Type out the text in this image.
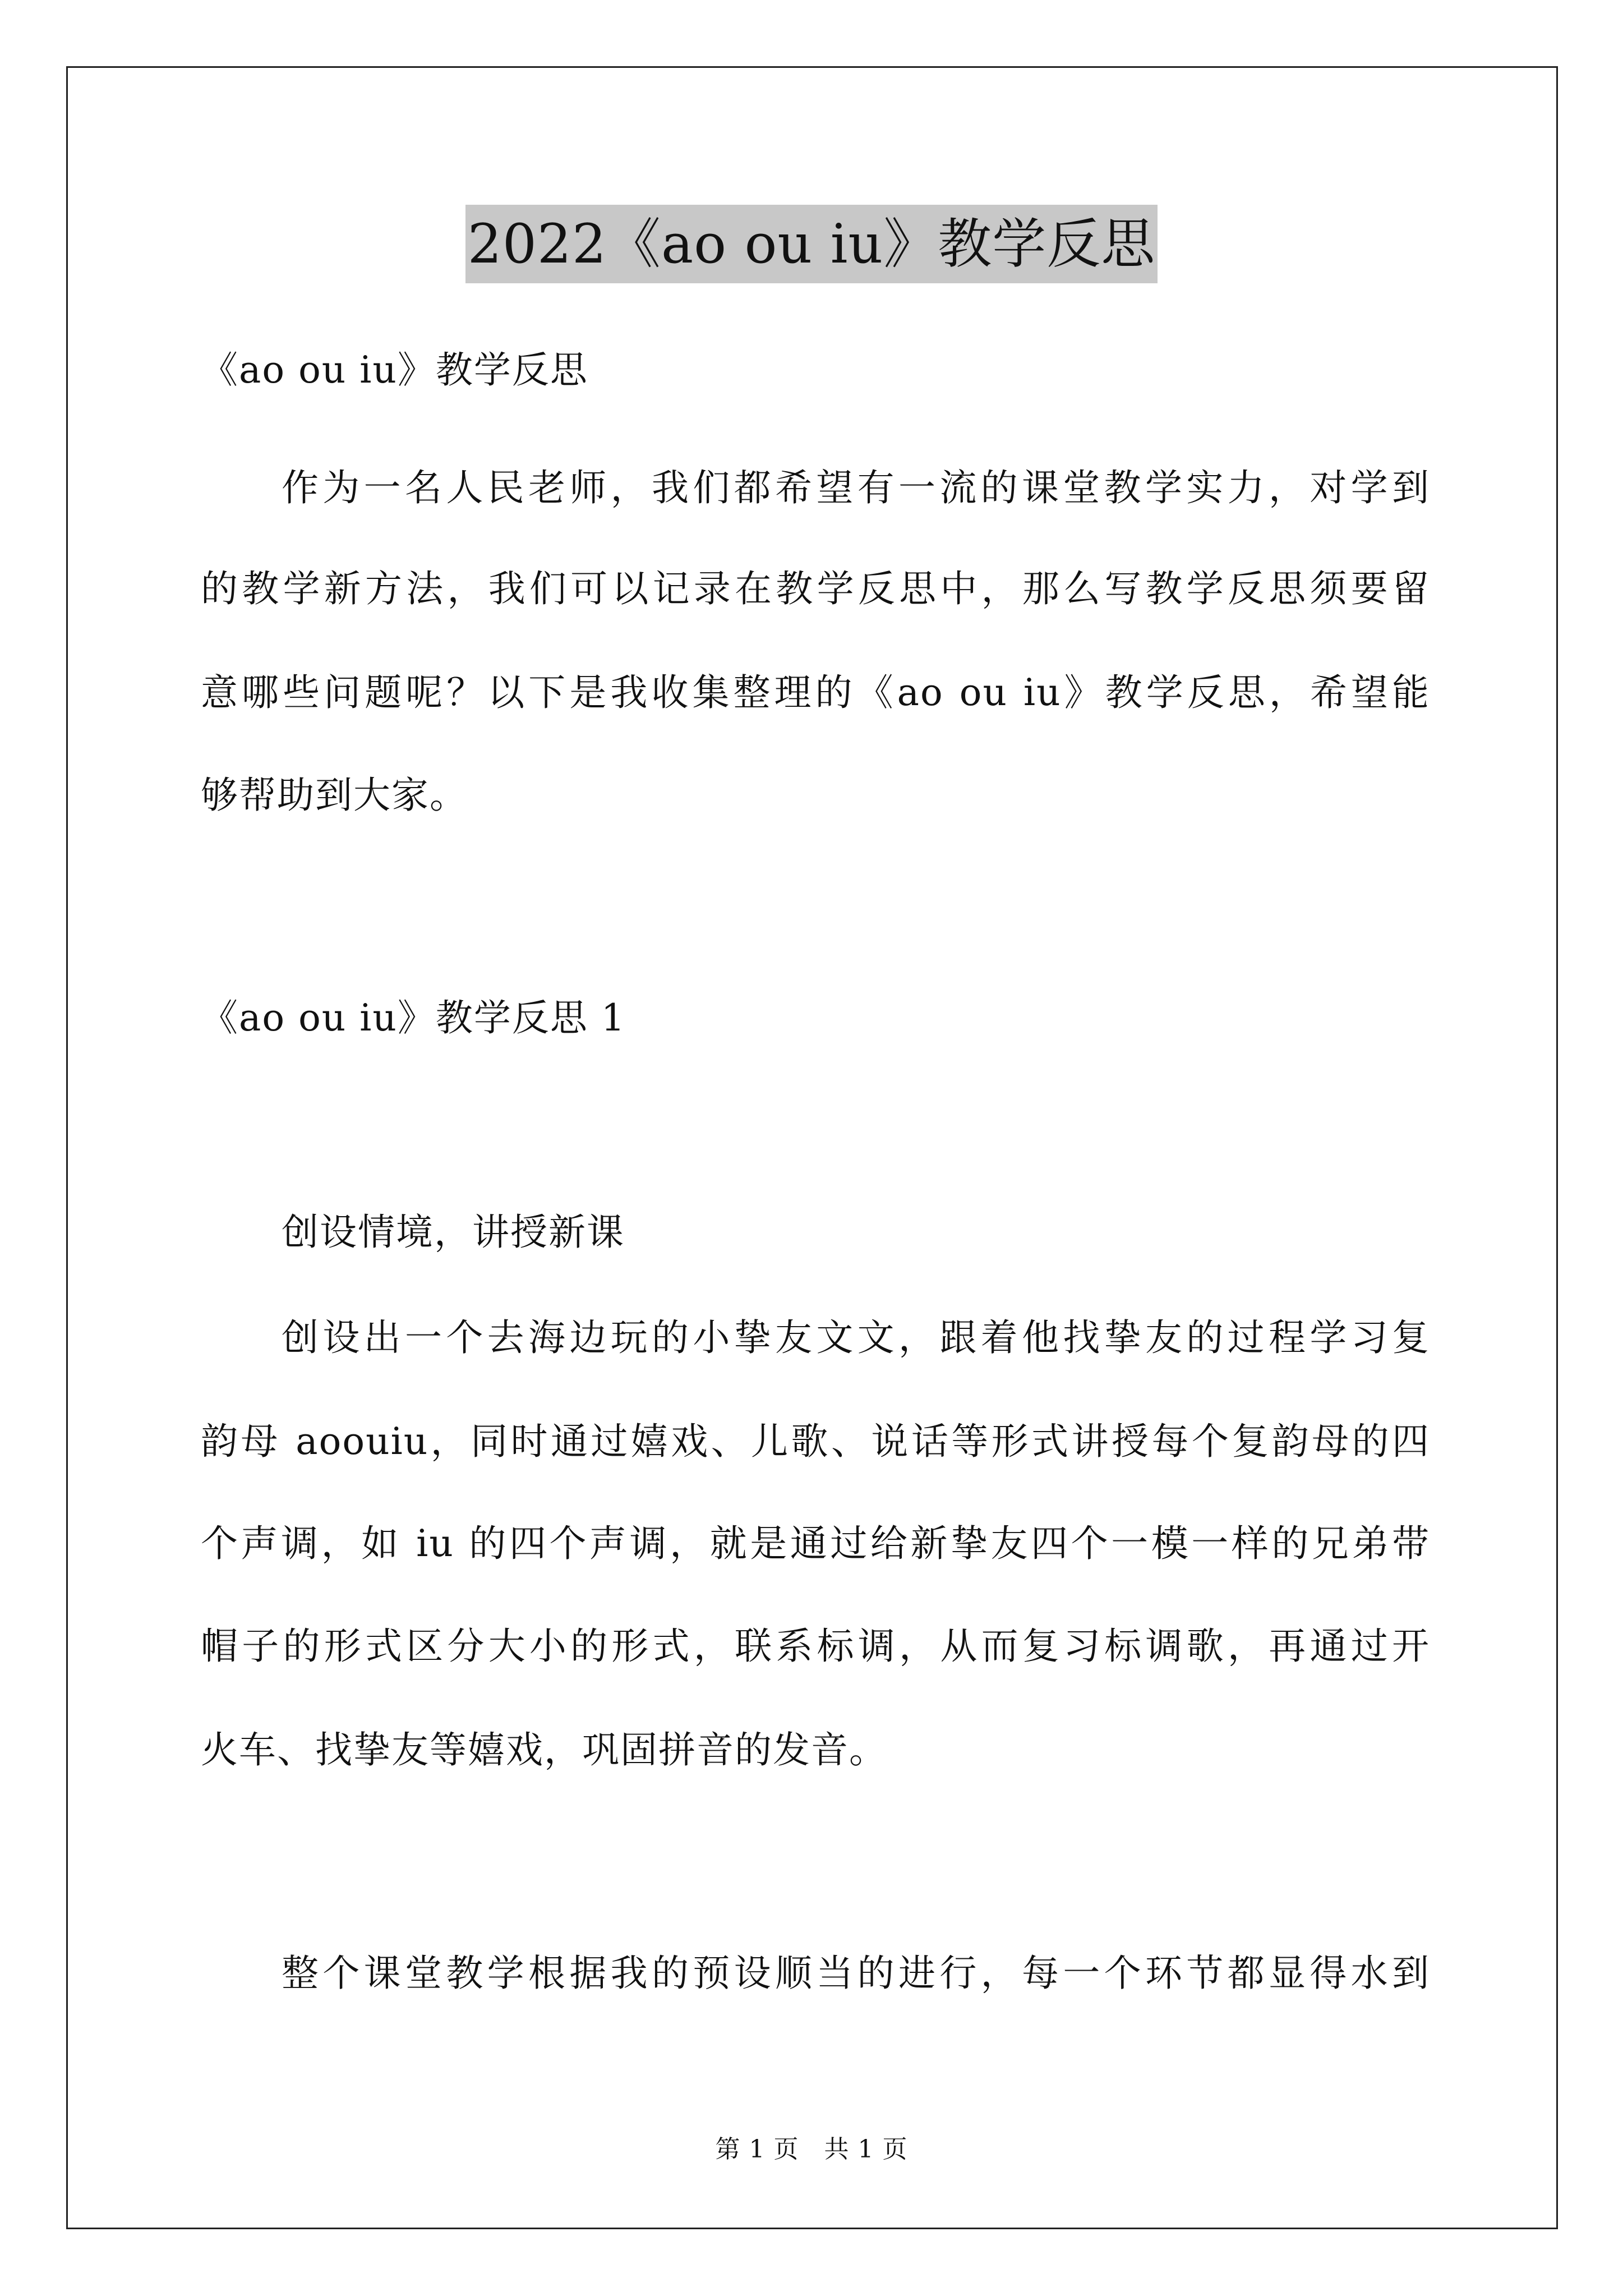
2022《ao ou iu》教学反思
《ao ou iu》教学反思
作为一名人民老师，我们都希望有一流的课堂教学实力，对学到
的教学新方法，我们可以记录在教学反思中，那么写教学反思须要留
意哪些问题呢？以下是我收集整理的《ao ou iu》教学反思，希望能
够帮助到大家。
《ao ou iu》教学反思 1
创设情境，讲授新课
创设出一个去海边玩的小挚友文文，跟着他找挚友的过程学习复
韵母 aoouiu，同时通过嬉戏、儿歌、说话等形式讲授每个复韵母的四
个声调，如 iu 的四个声调，就是通过给新挚友四个一模一样的兄弟带
帽子的形式区分大小的形式，联系标调，从而复习标调歌，再通过开
火车、找挚友等嬉戏，巩固拼音的发音。
整个课堂教学根据我的预设顺当的进行，每一个环节都显得水到
第 1 页　共 1 页
